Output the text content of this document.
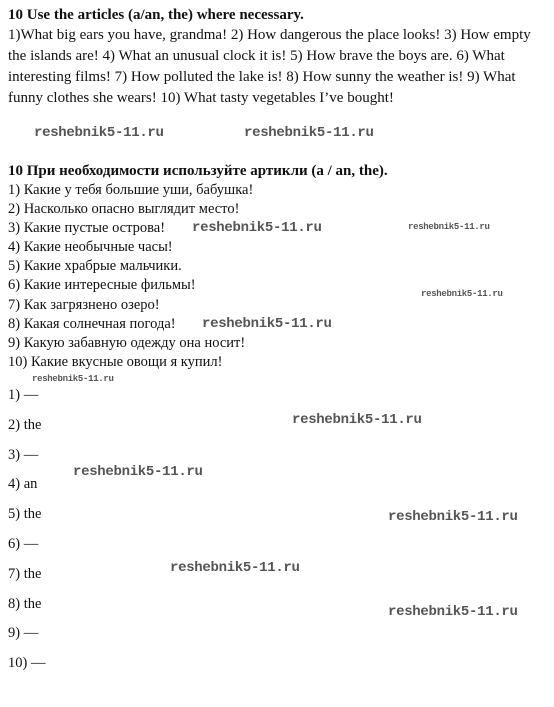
10 Use the articles (a/an, the) where necessary.

1)What big ears you have, grandma! 2) How dangerous the place looks! 3) How empty the islands are! 4) What an unusual clock it is! 5) How brave the boys are. 6) What interesting films! 7) How polluted the lake is! 8) How sunny the weather is! 9) What funny clothes she wears! 10) What tasty vegetables I’ve bought!

10 При необходимости используйте артикли (a / an, the).
1) Какие у тебя большие уши, бабушка!
2) Насколько опасно выглядит место!
3) Какие пустые острова!
4) Какие необычные часы!
5) Какие храбрые мальчики.
6) Какие интересные фильмы!
7) Как загрязнено озеро!
8) Какая солнечная погода!
9) Какую забавную одежду она носит!
10) Какие вкусные овощи я купил!
1) —
2) the
3) —
4) an
5) the
6) —
7) the
8) the
9) —
10) —
reshebnik5-11.ru	reshebnik5-11.ru
reshebnik5-11.ru	reshebnik5-11.ru
reshebnik5-11.ru
reshebnik5-11.ru
reshebnik5-11.ru
reshebnik5-11.ru
reshebnik5-11.ru
reshebnik5-11.ru
reshebnik5-11.ru
reshebnik5-11.ru
